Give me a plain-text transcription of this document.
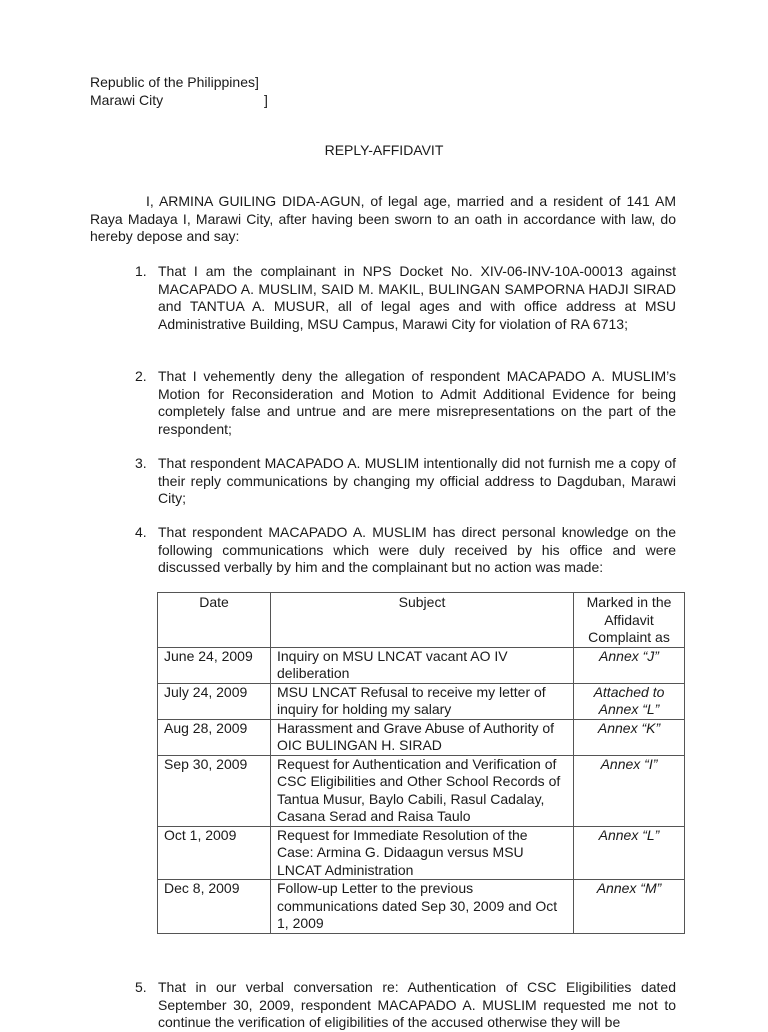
Republic of the Philippines]
Marawi City	]
REPLY-AFFIDAVIT
I, ARMINA GUILING DIDA-AGUN, of legal age, married and a resident of 141 AM Raya Madaya I, Marawi City, after having been sworn to an oath in accordance with law, do hereby depose and say:
1. That I am the complainant in NPS Docket No. XIV-06-INV-10A-00013 against MACAPADO A. MUSLIM, SAID M. MAKIL, BULINGAN SAMPORNA HADJI SIRAD and TANTUA A. MUSUR, all of legal ages and with office address at MSU Administrative Building, MSU Campus, Marawi City for violation of RA 6713;
2. That I vehemently deny the allegation of respondent MACAPADO A. MUSLIM’s Motion for Reconsideration and Motion to Admit Additional Evidence for being completely false and untrue and are mere misrepresentations on the part of the respondent;
3. That respondent MACAPADO A. MUSLIM intentionally did not furnish me a copy of their reply communications by changing my official address to Dagduban, Marawi City;
4. That respondent MACAPADO A. MUSLIM has direct personal knowledge on the following communications which were duly received by his office and were discussed verbally by him and the complainant but no action was made:
Date	Subject	Marked in the Affidavit Complaint as
June 24, 2009	Inquiry on MSU LNCAT vacant AO IV deliberation	Annex “J”
July 24, 2009	MSU LNCAT Refusal to receive my letter of inquiry for holding my salary	Attached to Annex “L”
Aug 28, 2009	Harassment and Grave Abuse of Authority of OIC BULINGAN H. SIRAD	Annex “K”
Sep 30, 2009	Request for Authentication and Verification of CSC Eligibilities and Other School Records of Tantua Musur, Baylo Cabili, Rasul Cadalay, Casana Serad and Raisa Taulo	Annex “I”
Oct 1, 2009	Request for Immediate Resolution of the Case: Armina G. Didaagun versus MSU LNCAT Administration	Annex “L”
Dec 8, 2009	Follow-up Letter to the previous communications dated Sep 30, 2009 and Oct 1, 2009	Annex “M”
5. That in our verbal conversation re: Authentication of CSC Eligibilities dated September 30, 2009, respondent MACAPADO A. MUSLIM requested me not to continue the verification of eligibilities of the accused otherwise they will be
